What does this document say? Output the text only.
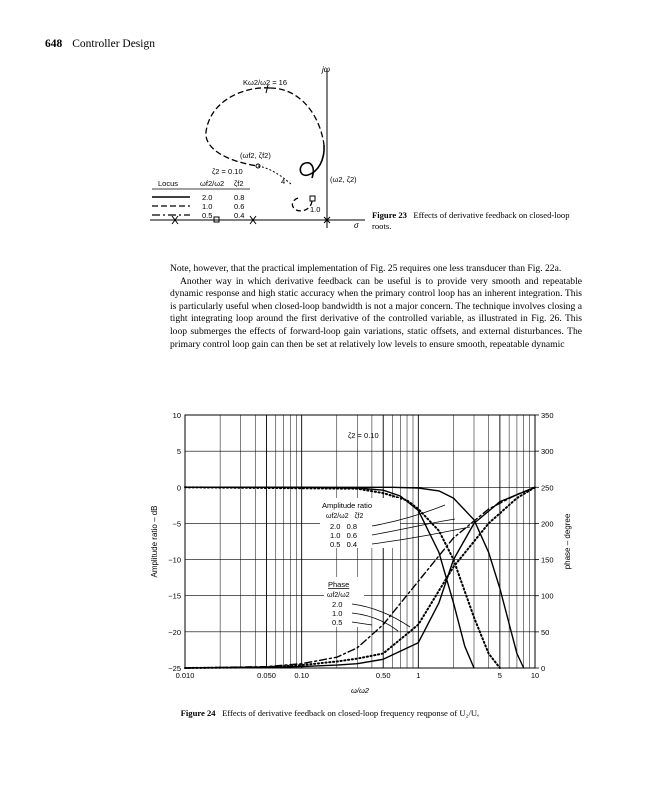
648 Controller Design
jω
σ
Kω2/ω2 = 16
(ωf2, ζf2)
(ω2, ζ2)
ζ2 = 0.10
4
1.0
Locus	ωf2/ω2 ζf2
2.0	0.8
1.0	0.6
0.5	0.4	Figure 23 Effects of derivative feedback on closed-loop roots.

Note, however, that the practical implementation of Fig. 25 requires one less transducer than Fig. 22a.

Another way in which derivative feedback can be useful is to provide very smooth and repeatable dynamic response and high static accuracy when the primary control loop has an inherent integration. This is particularly useful when closed-loop bandwidth is not a major concern. The technique involves closing a tight integrating loop around the first derivative of the controlled variable, as illustrated in Fig. 26. This loop submerges the effects of forward-loop gain variations, static offsets, and external disturbances. The primary control loop gain can then be set at relatively low levels to ensure smooth, repeatable dynamic

10
5
0
−5
−10
−15
−20
−25
350
300
250
200
150
100
50
0
0.010	0.050 0.10	0.50	1	5	10
ω/ω2
Amplitude ratio – dB	phase – degree
ζ2 = 0.10
Amplitude ratio
ωf2/ω2   ζf2
2.0   0.8
1.0   0.6
0.5   0.4
Phase
ωf2/ω2
2.0
1.0
0.5
Figure 24 Effects of derivative feedback on closed-loop frequency reqponse of U₂/Uₑ
